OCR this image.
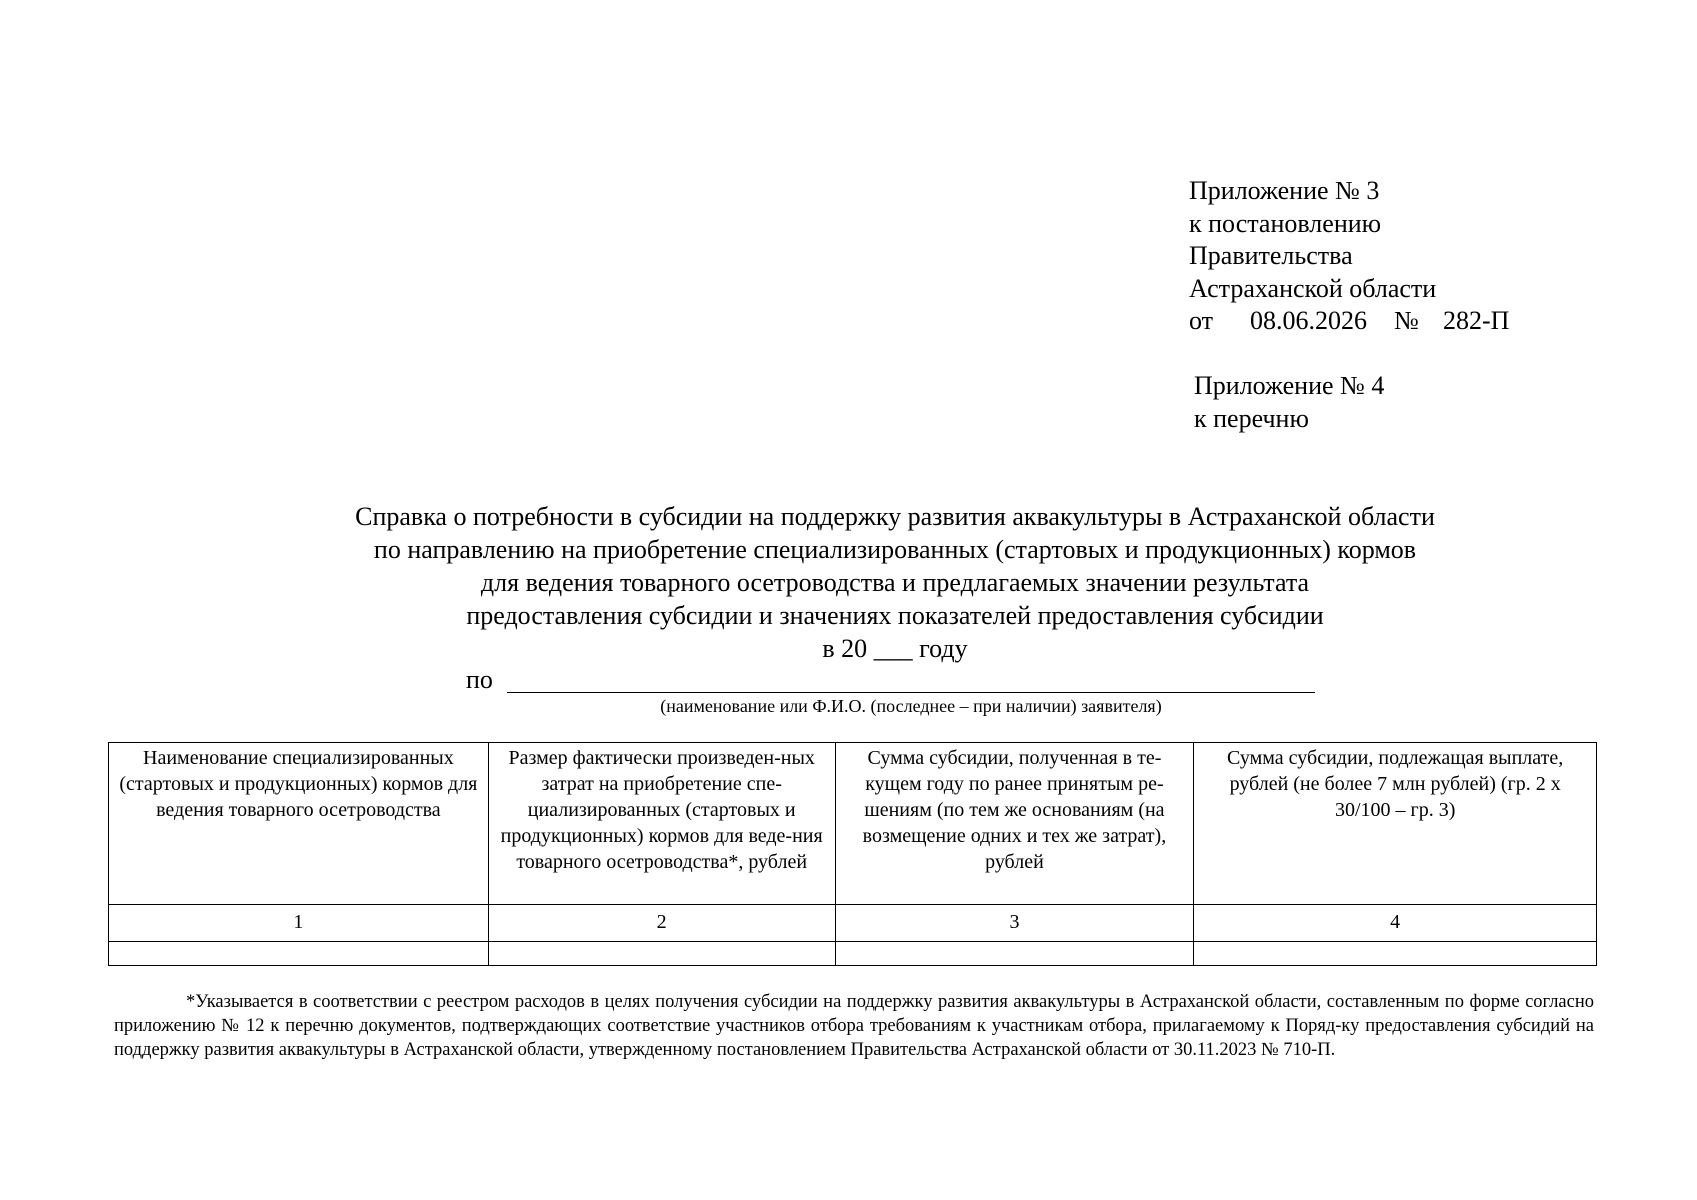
Приложение № 3
к постановлению
Правительства
Астраханской области
от 08.06.2026 № 282-П
Приложение № 4
к перечню
Справка о потребности в субсидии на поддержку развития аквакультуры в Астраханской области
по направлению на приобретение специализированных (стартовых и продукционных) кормов
для ведения товарного осетроводства и предлагаемых значении результата
предоставления субсидии и значениях показателей предоставления субсидии
в 20 ___ году
по
(наименование или Ф.И.О. (последнее – при наличии) заявителя)
Наименование специализированных (стартовых и продукционных) кормов для ведения товарного осетроводства	Размер фактически произведен-ных затрат на приобретение спе-циализированных (стартовых и продукционных) кормов для веде-ния товарного осетроводства*, рублей	Сумма субсидии, полученная в те-кущем году по ранее принятым ре-шениям (по тем же основаниям (на возмещение одних и тех же затрат), рублей	Сумма субсидии, подлежащая выплате, рублей (не более 7 млн рублей) (гр. 2 х 30/100 – гр. 3)
1	2	3	4

*Указывается в соответствии с реестром расходов в целях получения субсидии на поддержку развития аквакультуры в Астраханской области, составленным по форме согласно приложению № 12 к перечню документов, подтверждающих соответствие участников отбора требованиям к участникам отбора, прилагаемому к Поряд-ку предоставления субсидий на поддержку развития аквакультуры в Астраханской области, утвержденному постановлением Правительства Астраханской области от 30.11.2023 № 710-П.
